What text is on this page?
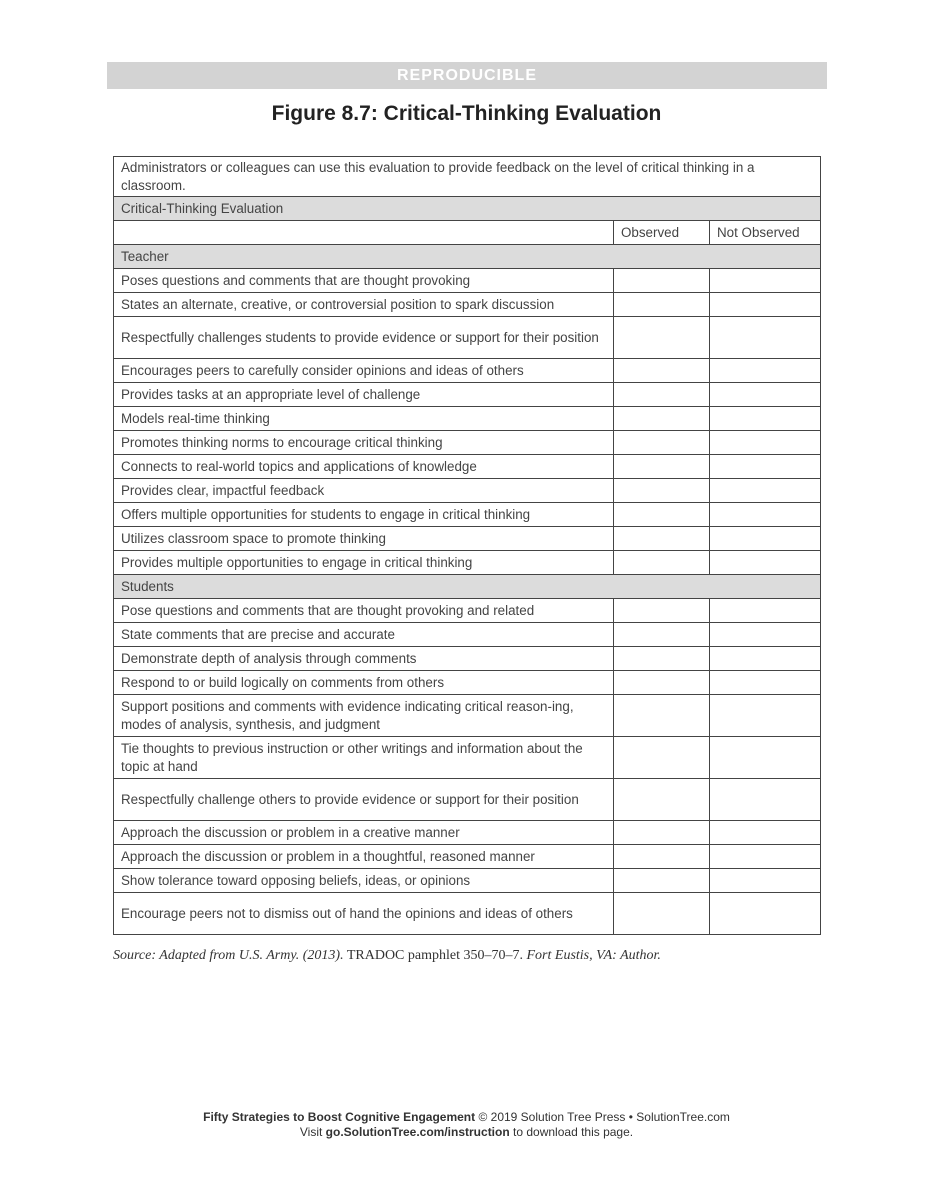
REPRODUCIBLE
Figure 8.7: Critical-Thinking Evaluation
Administrators or colleagues can use this evaluation to provide feedback on the level of critical thinking in a classroom.		
Critical-Thinking Evaluation		
	Observed	Not Observed
Teacher		
Poses questions and comments that are thought provoking		
States an alternate, creative, or controversial position to spark discussion		
Respectfully challenges students to provide evidence or support for their position		
Encourages peers to carefully consider opinions and ideas of others		
Provides tasks at an appropriate level of challenge		
Models real-time thinking		
Promotes thinking norms to encourage critical thinking		
Connects to real-world topics and applications of knowledge		
Provides clear, impactful feedback		
Offers multiple opportunities for students to engage in critical thinking		
Utilizes classroom space to promote thinking		
Provides multiple opportunities to engage in critical thinking		
Students		
Pose questions and comments that are thought provoking and related		
State comments that are precise and accurate		
Demonstrate depth of analysis through comments		
Respond to or build logically on comments from others		
Support positions and comments with evidence indicating critical reason-ing, modes of analysis, synthesis, and judgment		
Tie thoughts to previous instruction or other writings and information about the topic at hand		
Respectfully challenge others to provide evidence or support for their position		
Approach the discussion or problem in a creative manner		
Approach the discussion or problem in a thoughtful, reasoned manner		
Show tolerance toward opposing beliefs, ideas, or opinions		
Encourage peers not to dismiss out of hand the opinions and ideas of others		
Source: Adapted from U.S. Army. (2013). TRADOC pamphlet 350–70–7. Fort Eustis, VA: Author.
Fifty Strategies to Boost Cognitive Engagement © 2019 Solution Tree Press • SolutionTree.com
Visit go.SolutionTree.com/instruction to download this page.
